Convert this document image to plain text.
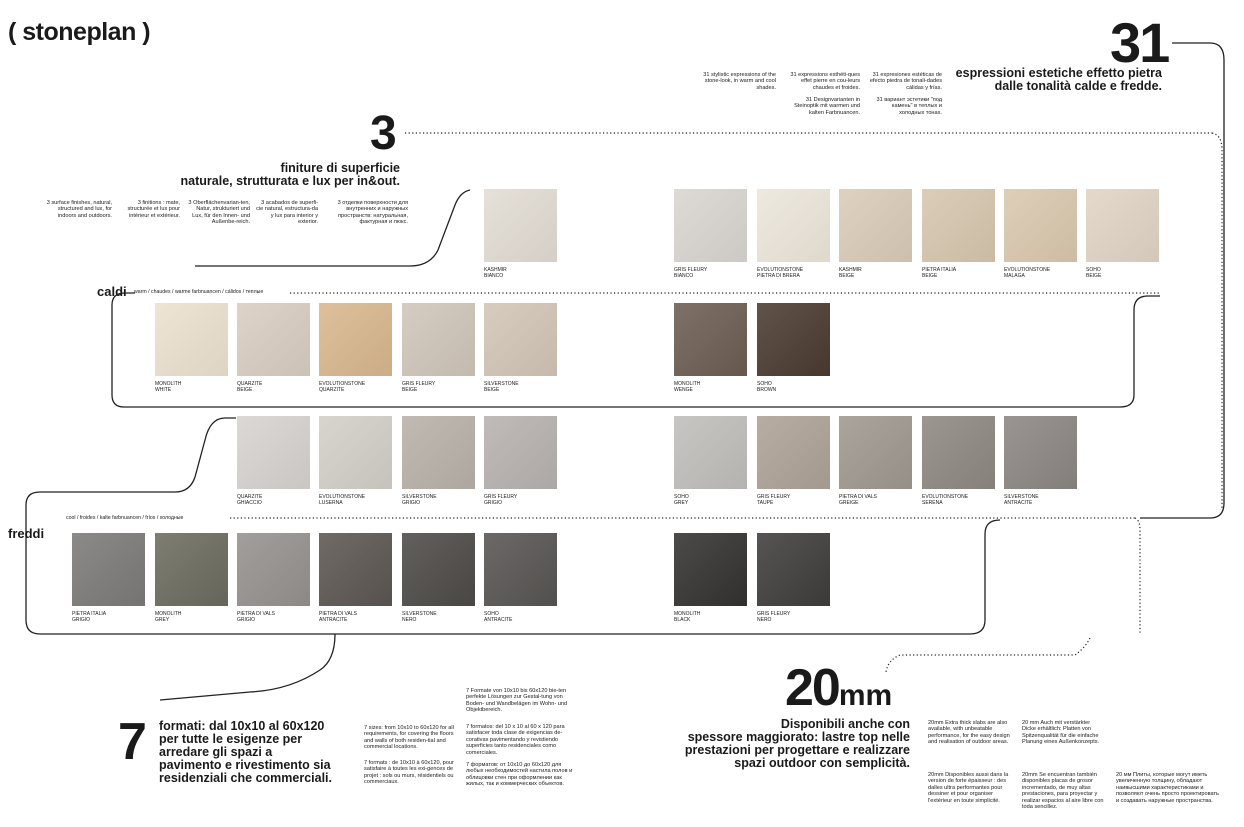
( stoneplan )	31
espressioni estetiche effetto pietra
dalle tonalità calde e fredde.
31 stylistic expressions of the stone-look, in warm and cool shades.
31 expressions esthéti-ques effet pierre en cou-leurs chaudes et froides.
31 Designvarianten in Steinoptik mit warmen und kalten Farbnuancen.
31 expresiones estéticas de efecto piedra de tonali-dades cálidas y frías.
31 вариант эстетики "под камень" в теплых и холодных тонах.
3
finiture di superficie
naturale, strutturata e lux per in&out.
3 surface finishes, natural, structured and lux, for indoors and outdoors.
3 finitions : mate, structurée et lux pour intérieur et extérieur.
3 Oberflächenvarian-ten, Natur, strukturiert und Lux, für den Innen- und Außenbe-reich.
3 acabados de superfi-cie natural, estructura-da y lux para interior y exterior.
3 отделки поверхности для внутренних и наружных пространств: натуральная, фактурная и люкс.
caldi warm / chaudes / warme farbnuancen / cálidos / теплые
freddi
cool / froides / kalte farbnuancen / fríos / холодные
KASHMIR
BIANCO
GRIS FLEURY
BIANCO
EVOLUTIONSTONE
PIETRA DI BRERA
KASHMIR
BEIGE
PIETRA ITALIA
BEIGE
EVOLUTIONSTONE
MALAGA
SOHO
BEIGE
MONOLITH
WHITE
QUARZITE
BEIGE
EVOLUTIONSTONE
QUARZITE
GRIS FLEURY
BEIGE
SILVERSTONE
BEIGE
MONOLITH
WENGE
SOHO
BROWN
QUARZITE
GHIACCIO
EVOLUTIONSTONE
LUSERNA
SILVERSTONE
GRIGIO
GRIS FLEURY
GRIGIO
SOHO
GREY
GRIS FLEURY
TAUPE
PIETRA DI VALS
GREIGE
EVOLUTIONSTONE
SERENA
SILVERSTONE
ANTRACITE
PIETRA ITALIA
GRIGIO
MONOLITH
GREY
PIETRA DI VALS
GRIGIO
PIETRA DI VALS
ANTRACITE
SILVERSTONE
NERO
SOHO
ANTRACITE
MONOLITH
BLACK
GRIS FLEURY
NERO
7 formati: dal 10x10 al 60x120 per tutte le esigenze per arredare gli spazi a pavimento e rivestimento sia residenziali che commerciali.
7 sizes: from 10x10 to 60x120 for all requirements, for covering the floors and walls of both residen-tial and commercial locations.
7 formats : de 10x10 à 60x120, pour satisfaire à toutes les exi-gences de projet : sols ou murs, résidentiels ou commerciaux.
7 Formate von 10x10 bis 60x120 bie-ten perfekte Lösungen zur Gestal-tung von Boden- und Wandbelägen im Wohn- und Objektbereich.
7 formatos: del 10 x 10 al 60 x 120 para satisfacer toda clase de exigencias de-corativas pavimentando y revistiendo superficies tanto residenciales como comerciales.
7 форматов: от 10x10 до 60x120 для любых необходимостей настила полов и облицовки стен при оформлении как жилых, так и коммерческих объектов.
20mm
Disponibili anche con
spessore maggiorato: lastre top nelle
prestazioni per progettare e realizzare
spazi outdoor con semplicità.
20mm Extra thick slabs are also available, with unbeatable performance, for the easy design and realisation of outdoor areas.
20mm Disponibles aussi dans la version de forte épaisseur : des dalles ultra performantes pour dessiner et pour organiser l'extérieur en toute simplicité.
20 mm Auch mit verstärkter Dicke erhältlich: Platten von Spitzenqualität für die einfache Planung eines Außenkonzepts.
20mm Se encuentran también disponibles placas de grosor incrementado, de muy altas prestaciones, para proyectar y realizar espacios al aire libre con toda sencillez.
20 мм Плиты, которые могут иметь увеличенную толщину, обладают наивысшими характеристиками и позволяют очень просто проектировать и создавать наружные пространства.
